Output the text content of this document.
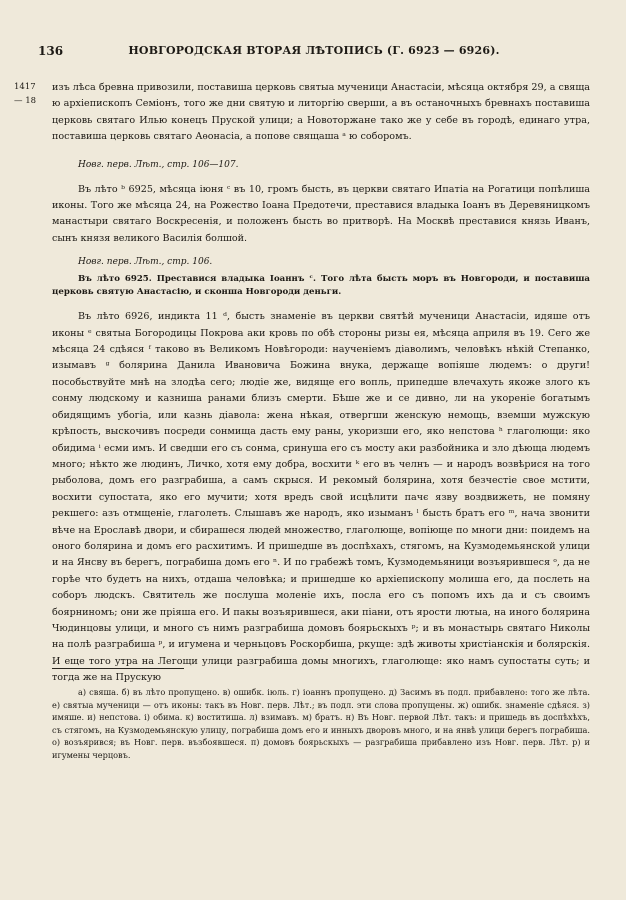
136	НОВГОРОДСКАЯ ВТОРАЯ ЛѢТОПИСЬ (Г. 6923 — 6926).
1417
— 18

изъ лѣса бревна привозили, поставиша церковь святыа мученици Анастасіи, мѣсяца октября 29, а свяща ю архіепископъ Семіонъ, того же дни святую и литоргію сверши, а въ останочныхъ бревнахъ поставиша церковь святаго Илью конецъ Пруской улици; а Новоторжане тако же у себе въ городѣ, единаго утра, поставиша церковь святаго Аѳонасіа, а попове свящаша ᵃ ю соборомъ.

Новг. перв. Лѣт., стр. 106—107.

Въ лѣто ᵇ 6925, мѣсяца іюня ᶜ въ 10, громъ бысть, въ церкви святаго Ипатіа на Рогатици попѣлиша иконы. Того же мѣсяца 24, на Рожество Іоана Предотечи, преставися владыка Іоанъ въ Деревяницкомъ манастыри святаго Воскресенія, и положенъ бысть во притворѣ. На Москвѣ преставися князь Иванъ, сынъ князя великого Василія болшой.

Новг. перв. Лѣт., стр. 106.

Въ лѣто 6925. Преставися владыка Іоаннъ ᶜ. Того лѣта бысть моръ въ Новгороди, и поставиша церковь святую Анастасію, и сконша Новгороди деньги.

Въ лѣто 6926, индикта 11 ᵈ, бысть знаменіе въ церкви святѣй мученици Анастасіи, идяше отъ иконы ᵉ святыа Богородицы Покрова аки кровь по обѣ стороны ризы ея, мѣсяца априля въ 19. Сего же мѣсяца 24 сдѣяся ᶠ таково въ Великомъ Новѣгороди: наученіемъ діаволимъ, человѣкъ нѣкій Степанко, изымавъ ᵍ болярина Данила Ивановича Божина внука, держаще вопіяше людемъ: о други! пособьствуйте мнѣ на злодѣа сего; людіе же, видяще его вопль, припедше влечахуть якоже злого къ сонму людскому и казниша ранами близъ смерти. Бѣше же и се дивно, ли на укореніе богатымъ обидящимъ убогіа, или казнь діавола: жена нѣкая, отвергши женскую немощь, вземши мужскую крѣпость, выскочивъ посреди сонмища дасть ему раны, укоризши его, яко непстова ʰ глаголющи: яко обидима ⁱ есми имъ. И сведши его съ сонма, сринуша его съ мосту аки разбойника и зло дѣюща людемъ много; нѣкто же людинъ, Личко, хотя ему добра, восхити ᵏ его въ челнъ — и народъ возвѣрися на того рыболова, домъ его разграбиша, а самъ скрыся. И рекомый болярина, хотя безчестіе свое мстити, восхити супостата, яко его мучити; хотя вредъ свой исцѣлити пачє язву воздвижеть, не помяну рекшего: азъ отмщеніе, глаголеть. Слышавъ же народъ, яко изыманъ ˡ бысть братъ его ᵐ, нача звонити вѣче на Ерославѣ двори, и сбирашеся людей множество, глаголюще, вопіюще по многи дни: поидемъ на оного болярина и домъ его расхитимъ. И пришедше въ доспѣхахъ, стягомъ, на Кузмодемьянской улици и на Янсву въ берегъ, пограбиша домъ его ⁿ. И по грабежѣ томъ, Кузмодемьяници возъярившеся ᵒ, да не горѣе что будетъ на нихъ, отдаша человѣка; и пришедше ко архіепископу молиша его, да послеть на соборъ людскъ. Святитель же послуша моленіе ихъ, посла его съ попомъ ихъ да и съ своимъ боярниномъ; они же пріяша его. И пакы возъярившеся, аки піани, отъ ярости лютыа, на иного болярина Чюдинцовы улици, и много съ нимъ разграбиша домовъ боярьскыхъ ᵖ; и въ монастырь святаго Николы на полѣ разграбиша ᵖ, и игумена и черньцовъ Роскорбиша, ркуще: здѣ животы христіанскія и болярскія. И еще того утра на Легощи улици разграбиша домы многихъ, глаголюще: яко намъ супостаты суть; и тогда же на Прускую

а) свяша. б) въ лѣто пропущено. в) ошибк. іюль. г) іоаннъ пропущено. д) Засимъ въ подл. прибавлено: того же лѣта. е) святыа мученици — отъ иконы: такъ въ Новг. перв. Лѣт.; въ подл. эти слова пропущены. ж) ошибк. знаменіе сдѣяся. з) имяше. и) непстова. і) обима. к) воститиша. л) взимавъ. м) братъ. н) Въ Новг. первой Лѣт. такъ: и пришедь въ доспѣхѣхъ, съ стягомъ, на Кузмодемьянскую улицу, пограбиша домъ его и инныхъ дворовъ много, и на янвѣ улици берегъ пограбиша. о) возъярився; въ Новг. перв. възбоявшеся. п) домовъ боярьскыхъ — разграбиша прибавлено изъ Новг. перв. Лѣт. р) и игумены черцовъ.
